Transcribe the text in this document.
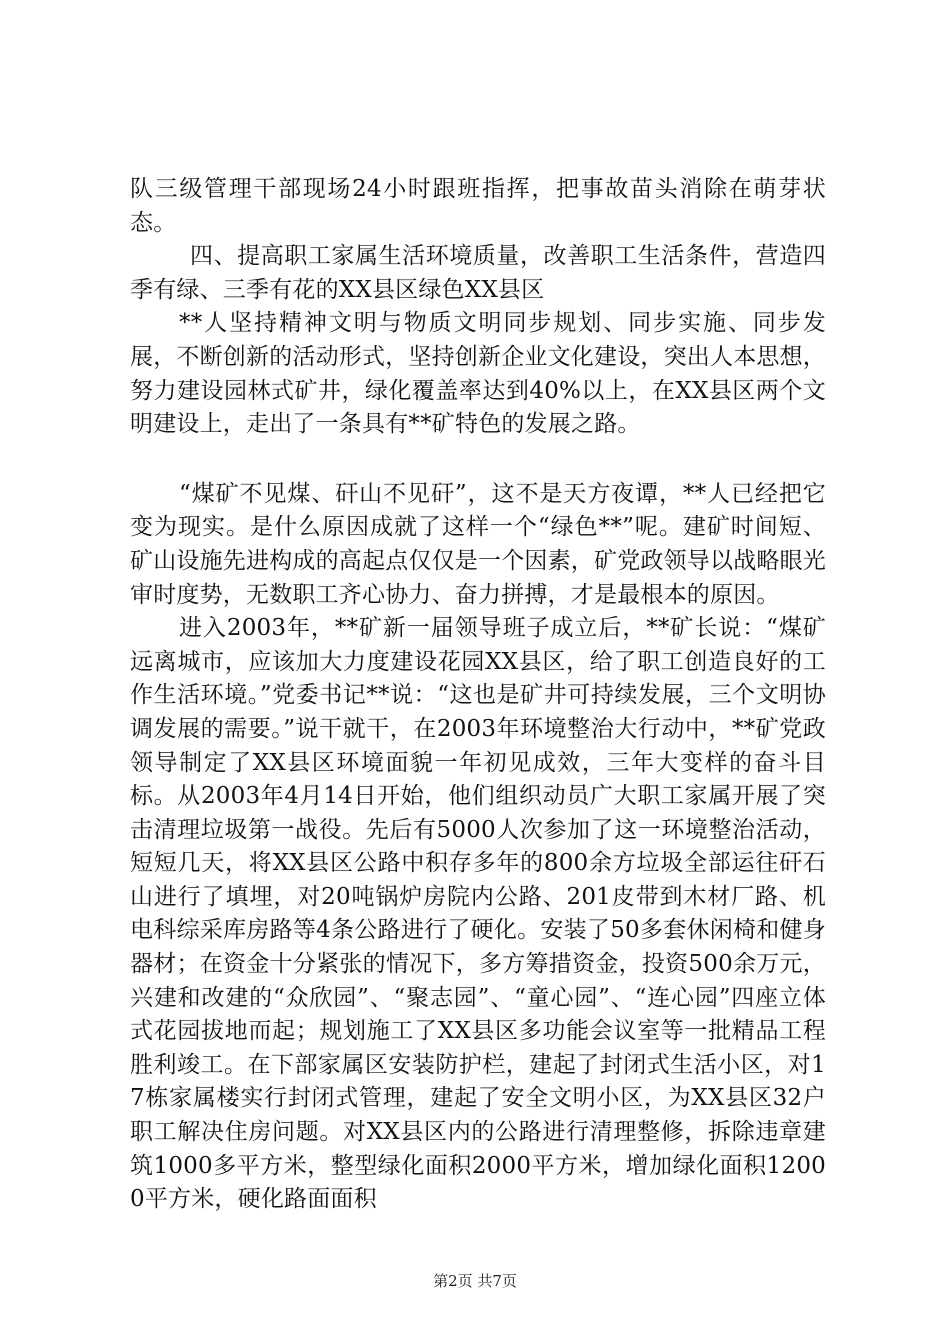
队三级管理干部现场24小时跟班指挥，把事故苗头消除在萌芽状态。

四、提高职工家属生活环境质量，改善职工生活条件，营造四季有绿、三季有花的XX县区绿色XX县区

**人坚持精神文明与物质文明同步规划、同步实施、同步发展，不断创新的活动形式，坚持创新企业文化建设，突出人本思想，努力建设园林式矿井，绿化覆盖率达到40%以上，在XX县区两个文明建设上，走出了一条具有**矿特色的发展之路。

“煤矿不见煤、矸山不见矸”，这不是天方夜谭，**人已经把它变为现实。是什么原因成就了这样一个“绿色**”呢。建矿时间短、矿山设施先进构成的高起点仅仅是一个因素，矿党政领导以战略眼光审时度势，无数职工齐心协力、奋力拼搏，才是最根本的原因。

进入2003年，**矿新一届领导班子成立后，**矿长说：“煤矿远离城市，应该加大力度建设花园XX县区，给了职工创造良好的工作生活环境。”党委书记**说：“这也是矿井可持续发展，三个文明协调发展的需要。”说干就干，在2003年环境整治大行动中，**矿党政领导制定了XX县区环境面貌一年初见成效，三年大变样的奋斗目标。从2003年4月14日开始，他们组织动员广大职工家属开展了突击清理垃圾第一战役。先后有5000人次参加了这一环境整治活动，短短几天，将XX县区公路中积存多年的800余方垃圾全部运往矸石山进行了填埋，对20吨锅炉房院内公路、201皮带到木材厂路、机电科综采库房路等4条公路进行了硬化。安装了50多套休闲椅和健身器材；在资金十分紧张的情况下，多方筹措资金，投资500余万元，兴建和改建的“众欣园”、“聚志园”、“童心园”、“连心园”四座立体式花园拔地而起；规划施工了XX县区多功能会议室等一批精品工程胜利竣工。在下部家属区安装防护栏，建起了封闭式生活小区，对17栋家属楼实行封闭式管理，建起了安全文明小区，为XX县区32户职工解决住房问题。对XX县区内的公路进行清理整修，拆除违章建筑1000多平方米，整型绿化面积2000平方米，增加绿化面积12000平方米，硬化路面面积

第2页 共7页
